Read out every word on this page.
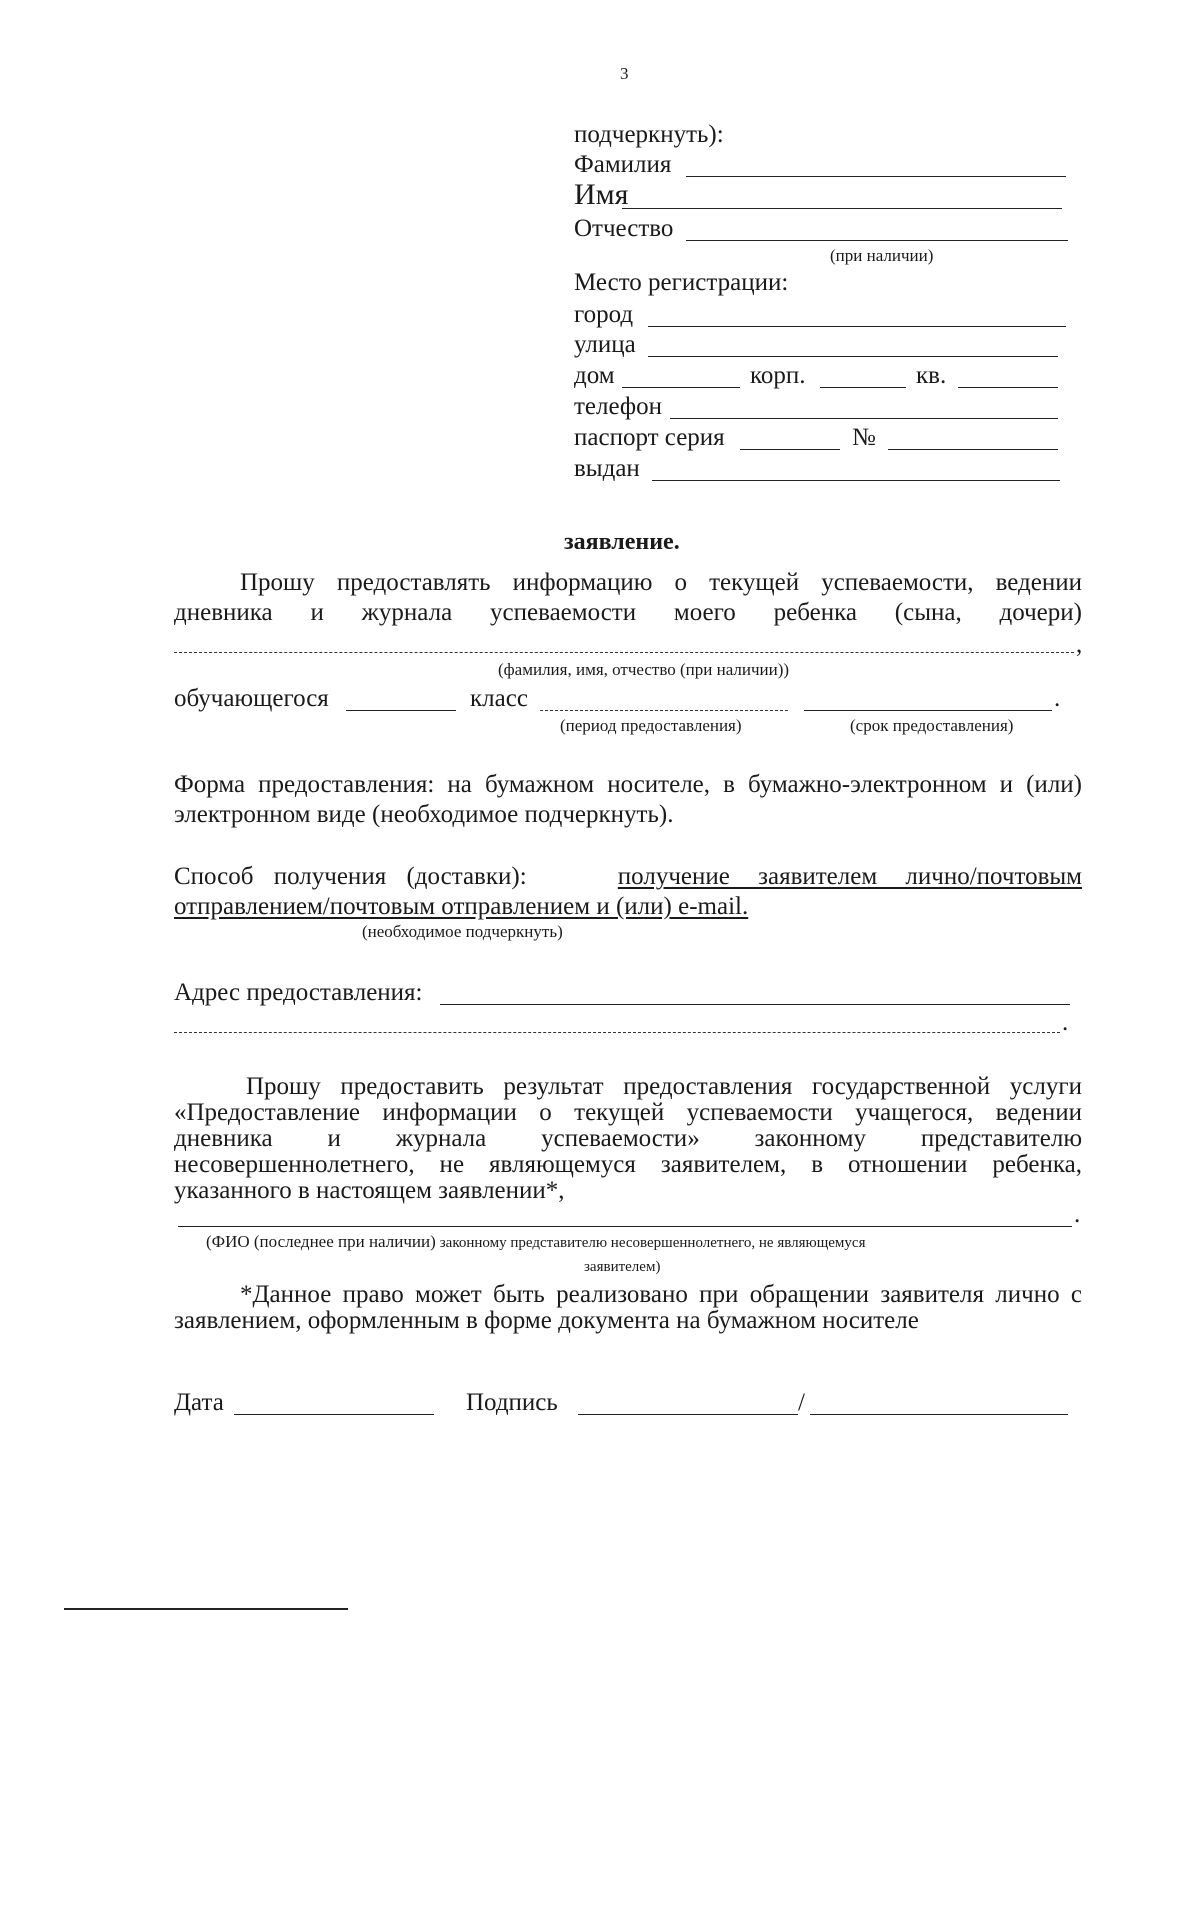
3
подчеркнуть):
Фамилия
Имя
Отчество
(при наличии)
Место регистрации:
город
улица
дом	корп.	кв.
телефон
паспорт серия	№
выдан
заявление.
Прошу предоставлять информацию о текущей успеваемости, ведении
дневника и журнала успеваемости моего ребенка (сына, дочери)
,
(фамилия, имя, отчество (при наличии))
обучающегося	класс	.
(период предоставления)	(срок предоставления)
Форма предоставления: на бумажном носителе, в бумажно-электронном и (или)
электронном виде (необходимое подчеркнуть).
Способ получения (доставки):	получение заявителем лично/почтовым
отправлением/почтовым отправлением и (или) e-mail.
(необходимое подчеркнуть)
Адрес предоставления:
.
Прошу предоставить результат предоставления государственной услуги
«Предоставление информации о текущей успеваемости учащегося, ведении
дневника и журнала успеваемости» законному представителю
несовершеннолетнего, не являющемуся заявителем, в отношении ребенка,
указанного в настоящем заявлении*,
.
(ФИО (последнее при наличии) законному представителю несовершеннолетнего, не являющемуся
заявителем)
*Данное право может быть реализовано при обращении заявителя лично с
заявлением, оформленным в форме документа на бумажном носителе
Дата	Подпись	/
